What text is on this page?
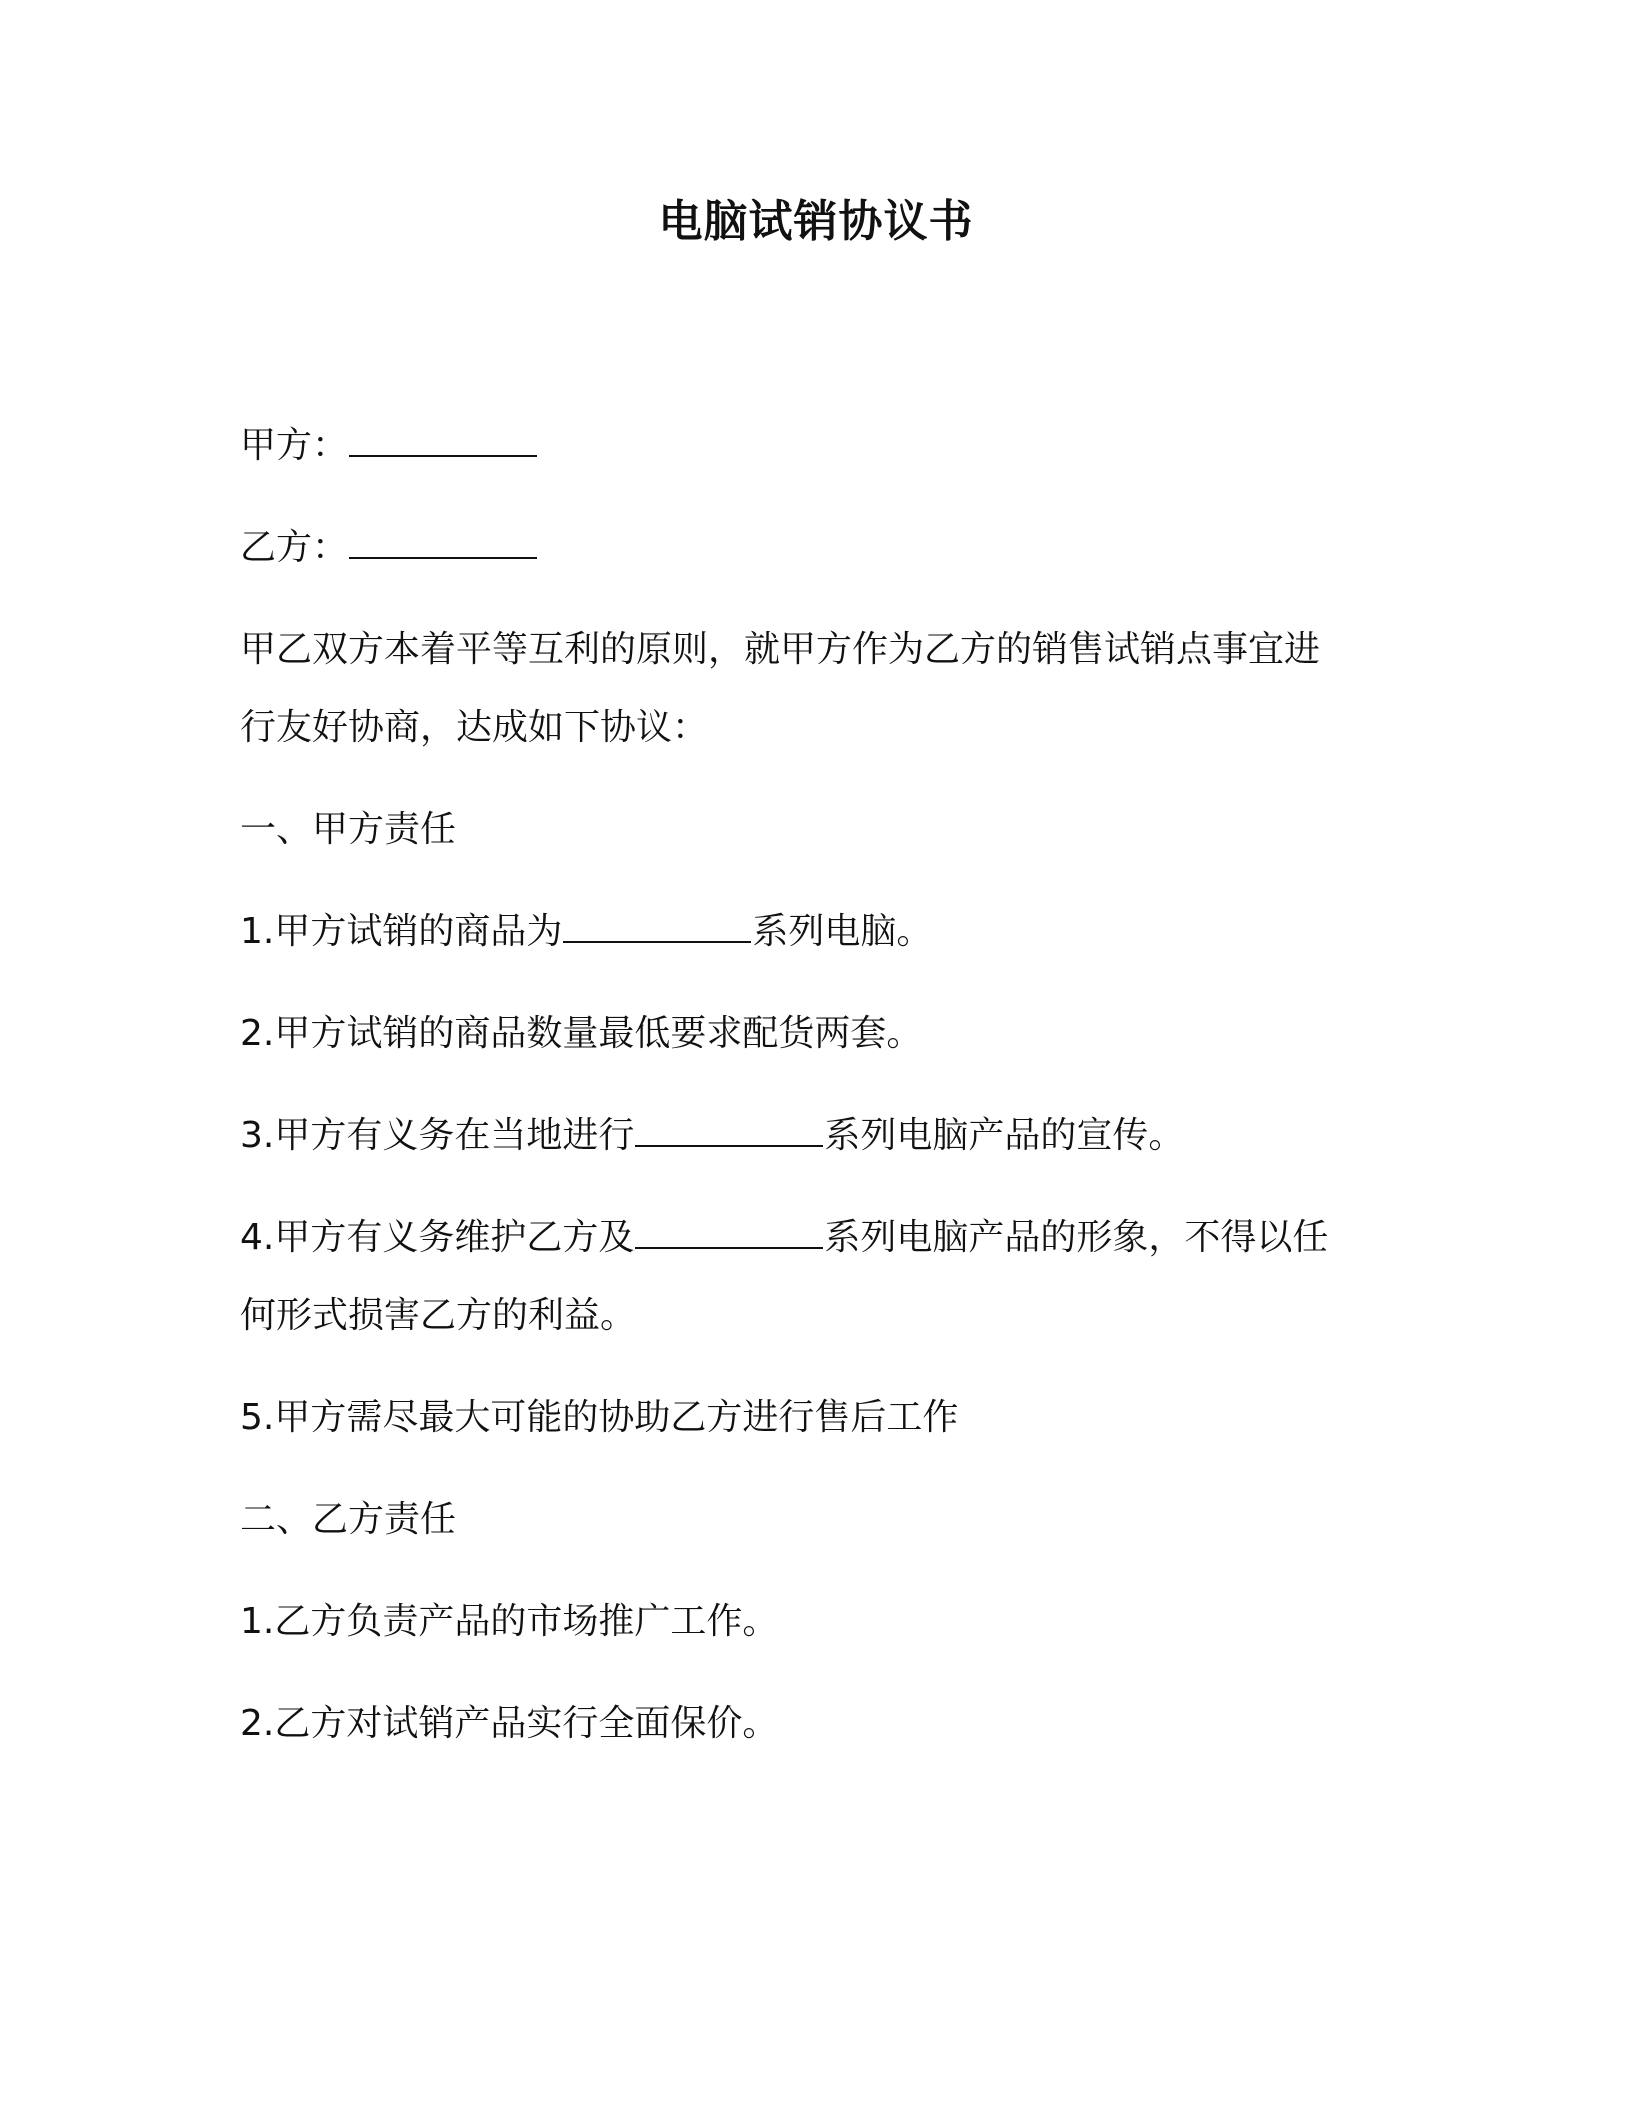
电脑试销协议书
甲方：
乙方：
甲乙双方本着平等互利的原则，就甲方作为乙方的销售试销点事宜进
行友好协商，达成如下协议：
一、甲方责任
1.甲方试销的商品为	系列电脑。
2.甲方试销的商品数量最低要求配货两套。
3.甲方有义务在当地进行	系列电脑产品的宣传。
4.甲方有义务维护乙方及	系列电脑产品的形象，不得以任
何形式损害乙方的利益。
5.甲方需尽最大可能的协助乙方进行售后工作
二、乙方责任
1.乙方负责产品的市场推广工作。
2.乙方对试销产品实行全面保价。
